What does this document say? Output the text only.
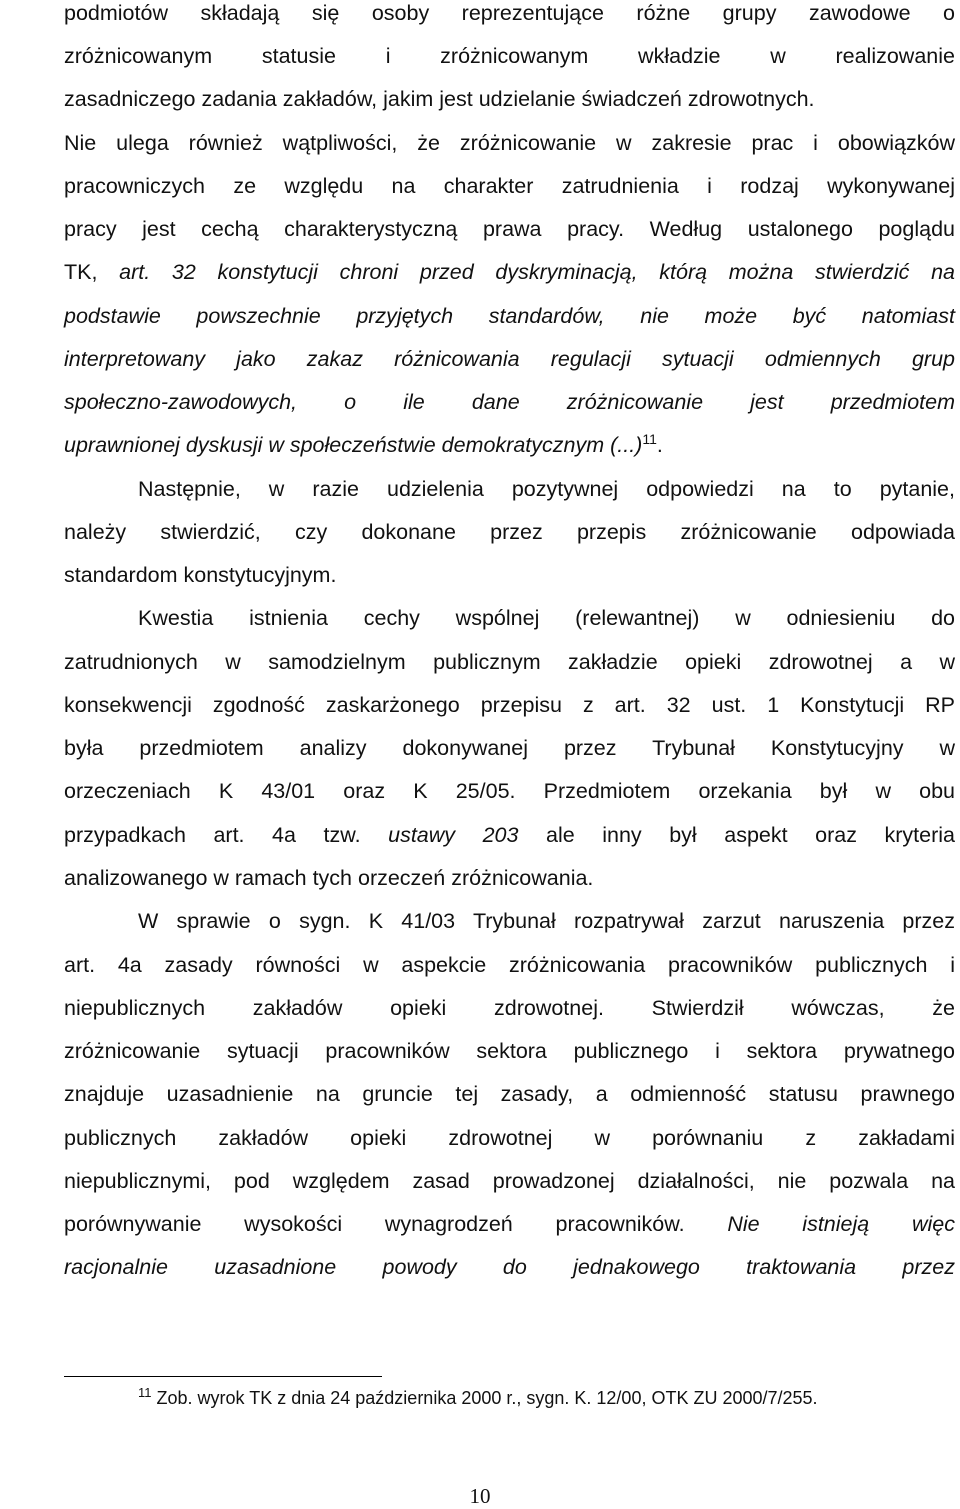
podmiotów składają się osoby reprezentujące różne grupy zawodowe o
zróżnicowanym statusie i zróżnicowanym wkładzie w realizowanie
zasadniczego zadania zakładów, jakim jest udzielanie świadczeń zdrowotnych.
Nie ulega również wątpliwości, że zróżnicowanie w zakresie prac i obowiązków
pracowniczych ze względu na charakter zatrudnienia i rodzaj wykonywanej
pracy jest cechą charakterystyczną prawa pracy. Według ustalonego poglądu
TK, art. 32 konstytucji chroni przed dyskryminacją, którą można stwierdzić na
podstawie powszechnie przyjętych standardów, nie może być natomiast
interpretowany jako zakaz różnicowania regulacji sytuacji odmiennych grup
społeczno-zawodowych, o ile dane zróżnicowanie jest przedmiotem
uprawnionej dyskusji w społeczeństwie demokratycznym (...)$^{11}$.
Następnie, w razie udzielenia pozytywnej odpowiedzi na to pytanie,
należy stwierdzić, czy dokonane przez przepis zróżnicowanie odpowiada
standardom konstytucyjnym.
Kwestia istnienia cechy wspólnej (relewantnej) w odniesieniu do
zatrudnionych w samodzielnym publicznym zakładzie opieki zdrowotnej a w
konsekwencji zgodność zaskarżonego przepisu z art. 32 ust. 1 Konstytucji RP
była przedmiotem analizy dokonywanej przez Trybunał Konstytucyjny w
orzeczeniach K 43/01 oraz K 25/05. Przedmiotem orzekania był w obu
przypadkach art. 4a tzw. ustawy 203 ale inny był aspekt oraz kryteria
analizowanego w ramach tych orzeczeń zróżnicowania.
W sprawie o sygn. K 41/03 Trybunał rozpatrywał zarzut naruszenia przez
art. 4a zasady równości w aspekcie zróżnicowania pracowników publicznych i
niepublicznych zakładów opieki zdrowotnej. Stwierdził wówczas, że
zróżnicowanie sytuacji pracowników sektora publicznego i sektora prywatnego
znajduje uzasadnienie na gruncie tej zasady, a odmienność statusu prawnego
publicznych zakładów opieki zdrowotnej w porównaniu z zakładami
niepublicznymi, pod względem zasad prowadzonej działalności, nie pozwala na
porównywanie wysokości wynagrodzeń pracowników. Nie istnieją więc
racjonalnie uzasadnione powody do jednakowego traktowania przez
$^{11}$ Zob. wyrok TK z dnia 24 października 2000 r., sygn. K. 12/00, OTK ZU 2000/7/255.
10
